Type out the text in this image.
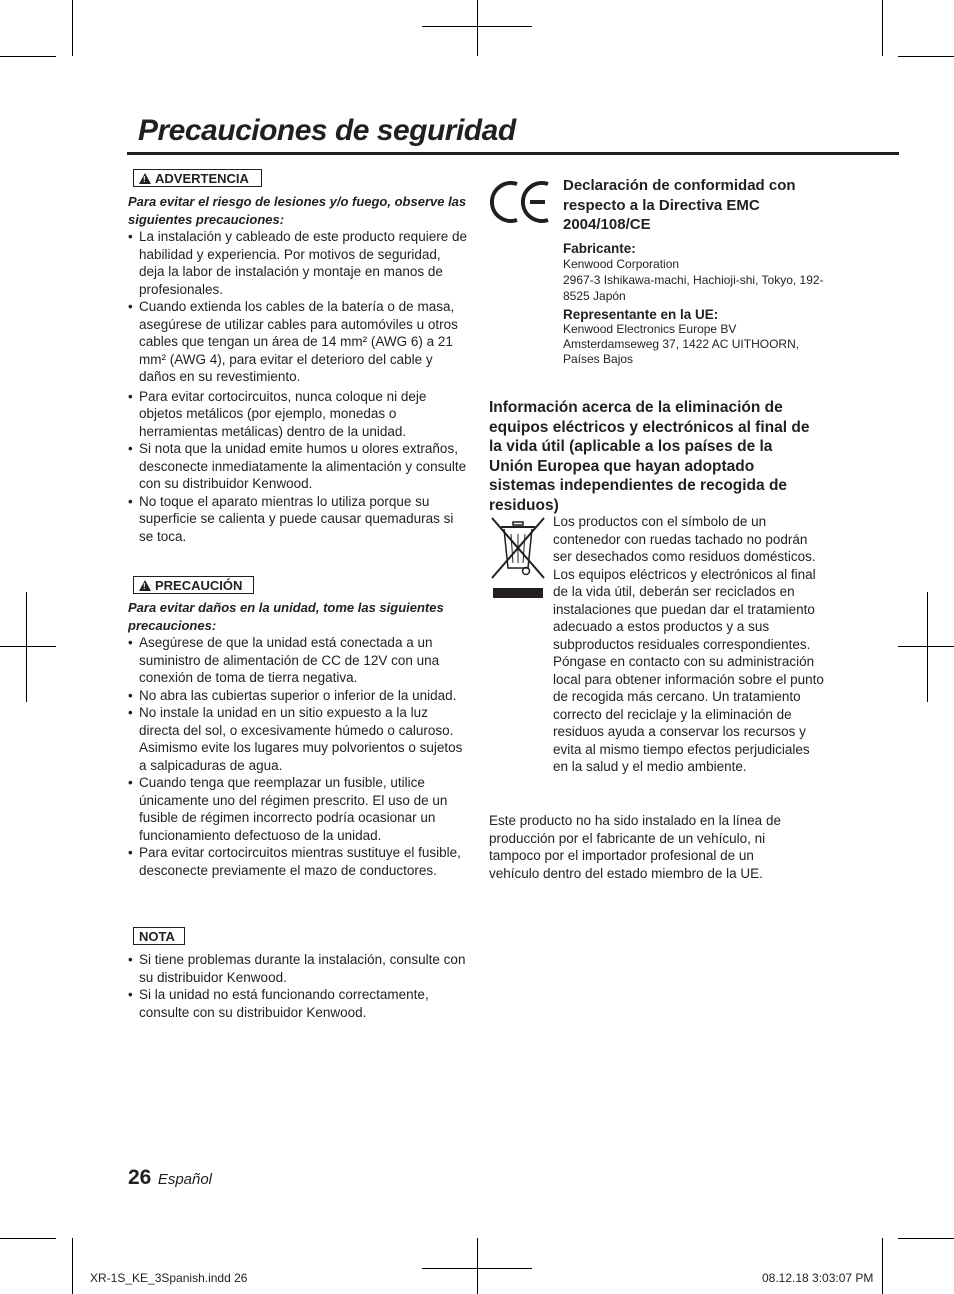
Precauciones de seguridad
! ADVERTENCIA
Para evitar el riesgo de lesiones y/o fuego, observe las siguientes precauciones:
• La instalación y cableado de este producto requiere de habilidad y experiencia. Por motivos de seguridad, deja la labor de instalación y montaje en manos de profesionales.
• Cuando extienda los cables de la batería o de masa, asegúrese de utilizar cables para automóviles u otros cables que tengan un área de 14 mm² (AWG 6) a 21 mm² (AWG 4), para evitar el deterioro del cable y daños en su revestimiento.
• Para evitar cortocircuitos, nunca coloque ni deje objetos metálicos (por ejemplo, monedas o herramientas metálicas) dentro de la unidad.
• Si nota que la unidad emite humos u olores extraños, desconecte inmediatamente la alimentación y consulte con su distribuidor Kenwood.
• No toque el aparato mientras lo utiliza porque su superficie se calienta y puede causar quemaduras si se toca.
! PRECAUCIÓN
Para evitar daños en la unidad, tome las siguientes precauciones:
• Asegúrese de que la unidad está conectada a un suministro de alimentación de CC de 12V con una conexión de toma de tierra negativa.
• No abra las cubiertas superior o inferior de la unidad.
• No instale la unidad en un sitio expuesto a la luz directa del sol, o excesivamente húmedo o caluroso. Asimismo evite los lugares muy polvorientos o sujetos a salpicaduras de agua.
• Cuando tenga que reemplazar un fusible, utilice únicamente uno del régimen prescrito. El uso de un fusible de régimen incorrecto podría ocasionar un funcionamiento defectuoso de la unidad.
• Para evitar cortocircuitos mientras sustituye el fusible, desconecte previamente el mazo de conductores.
NOTA
• Si tiene problemas durante la instalación, consulte con su distribuidor Kenwood.
• Si la unidad no está funcionando correctamente, consulte con su distribuidor Kenwood.
Declaración de conformidad con respecto a la Directiva EMC 2004/108/CE
Fabricante:
Kenwood Corporation
2967-3 Ishikawa-machi, Hachioji-shi, Tokyo, 192-8525 Japón
Representante en la UE:
Kenwood Electronics Europe BV
Amsterdamseweg 37, 1422 AC UITHOORN,
Países Bajos
Información acerca de la eliminación de equipos eléctricos y electrónicos al final de la vida útil (aplicable a los países de la Unión Europea que hayan adoptado sistemas independientes de recogida de residuos)
Los productos con el símbolo de un contenedor con ruedas tachado no podrán ser desechados como residuos domésticos. Los equipos eléctricos y electrónicos al final de la vida útil, deberán ser reciclados en instalaciones que puedan dar el tratamiento adecuado a estos productos y a sus subproductos residuales correspondientes. Póngase en contacto con su administración local para obtener información sobre el punto de recogida más cercano. Un tratamiento correcto del reciclaje y la eliminación de residuos ayuda a conservar los recursos y evita al mismo tiempo efectos perjudiciales en la salud y el medio ambiente.
Este producto no ha sido instalado en la línea de producción por el fabricante de un vehículo, ni tampoco por el importador profesional de un vehículo dentro del estado miembro de la UE.
26 Español
XR-1S_KE_3Spanish.indd 26	08.12.18 3:03:07 PM
